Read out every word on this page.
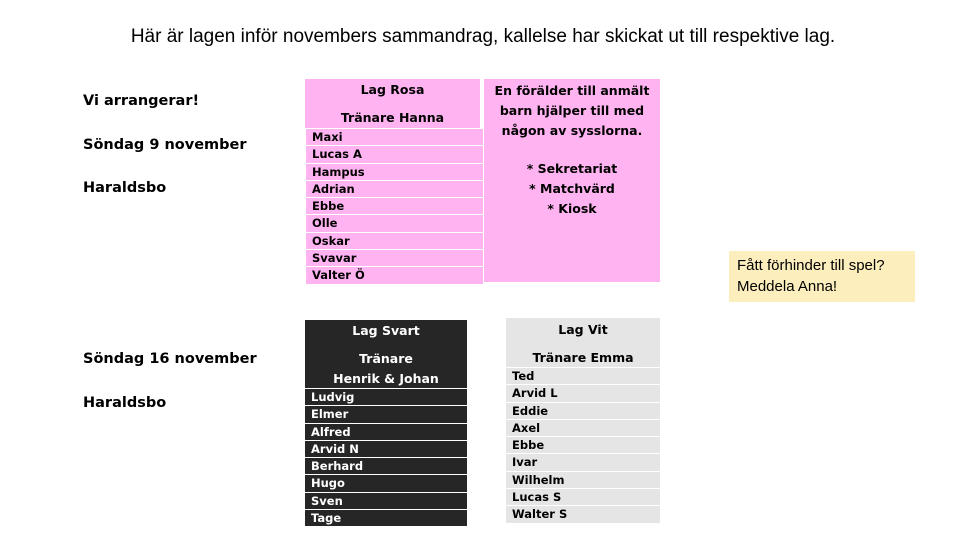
Här är lagen inför novembers sammandrag, kallelse har skickat ut till respektive lag.
Vi arrangerar!
Söndag 9 november
Haraldsbo
Söndag 16 november
Haraldsbo
Lag Rosa
Tränare Hanna
Maxi
Lucas A
Hampus
Adrian
Ebbe
Olle
Oskar
Svavar
Valter Ö
En förälder till anmält
barn hjälper till med
någon av sysslorna.
* Sekretariat
* Matchvärd
* Kiosk
Lag Svart
Tränare
Henrik & Johan
Ludvig
Elmer
Alfred
Arvid N
Berhard
Hugo
Sven
Tage
Lag Vit
Tränare Emma
Ted
Arvid L
Eddie
Axel
Ebbe
Ivar
Wilhelm
Lucas S
Walter S
Fått förhinder till spel?
Meddela Anna!
